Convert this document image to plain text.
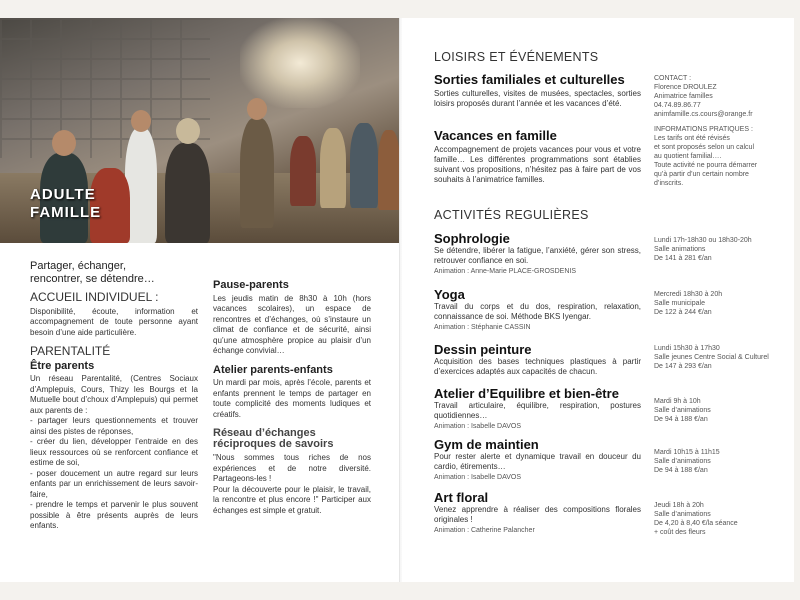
ADULTE
FAMILLE
Partager, échanger,
rencontrer, se détendre…
ACCUEIL INDIVIDUEL :
Disponibilité, écoute, information et accompagnement de toute personne ayant besoin d’une aide particulière.
PARENTALITÉ
Être parents
Un réseau Parentalité, (Centres Sociaux d’Amplepuis, Cours, Thizy les Bourgs et la Mutuelle bout d’choux d’Amplepuis) qui permet aux parents de :
- partager leurs questionnements et trouver ainsi des pistes de réponses,
- créer du lien, développer l’entraide en des lieux ressources où se renforcent confiance et estime de soi,
- poser doucement un autre regard sur leurs enfants par un enrichissement de leurs savoir-faire,
- prendre le temps et parvenir le plus souvent possible à être présents auprès de leurs enfants.
Pause-parents
Les jeudis matin de 8h30 à 10h (hors vacances scolaires), un espace de rencontres et d’échanges, où s’instaure un climat de confiance et de sécurité, ainsi qu’une atmosphère propice au plaisir d’un échange convivial…
Atelier parents-enfants
Un mardi par mois, après l’école, parents et enfants prennent le temps de partager en toute complicité des moments ludiques et créatifs.
Réseau d’échanges
réciproques de savoirs
"Nous sommes tous riches de nos expériences et de notre diversité. Partageons-les !
Pour la découverte pour le plaisir, le travail, la rencontre et plus encore !" Participer aux échanges est simple et gratuit.
LOISIRS ET ÉVÉNEMENTS
Sorties familiales et culturelles
Sorties culturelles, visites de musées, spectacles, sorties loisirs proposés durant l’année et les vacances d’été.
Vacances en famille
Accompagnement de projets vacances pour vous et votre famille… Les différentes programmations sont établies suivant vos propositions, n’hésitez pas à faire part de vos souhaits à l’animatrice familles.
CONTACT :
Florence DROULEZ
Animatrice familles
04.74.89.86.77
animfamille.cs.cours@orange.fr
INFORMATIONS PRATIQUES :
Les tarifs ont été révisés
et sont proposés selon un calcul
au quotient familial….
Toute activité ne pourra démarrer
qu’à partir d’un certain nombre
d’inscrits.
ACTIVITÉS REGULIÈRES
Sophrologie
Se détendre, libérer la fatigue, l’anxiété, gérer son stress, retrouver confiance en soi.
Animation : Anne-Marie PLACE-GROSDENIS
Lundi 17h-18h30 ou 18h30-20h
Salle animations
De 141 à 281 €/an
Yoga
Travail du corps et du dos, respiration, relaxation, connaissance de soi. Méthode BKS Iyengar.
Animation : Stéphanie CASSIN
Mercredi 18h30 à 20h
Salle municipale
De 122 à 244 €/an
Dessin peinture
Acquisition des bases techniques plastiques à partir d’exercices adaptés aux capacités de chacun.
Lundi 15h30 à 17h30
Salle jeunes Centre Social & Culturel
De 147 à 293 €/an
Atelier d’Equilibre et bien-être
Travail articulaire, équilibre, respiration, postures quotidiennes…
Animation : Isabelle DAVOS
Mardi 9h à 10h
Salle d’animations
De 94 à 188 €/an
Gym de maintien
Pour rester alerte et dynamique travail en douceur du cardio, étirements…
Animation : Isabelle DAVOS
Mardi 10h15 à 11h15
Salle d’animations
De 94 à 188 €/an
Art floral
Venez apprendre à réaliser des compositions florales originales !
Animation : Catherine Palancher
Jeudi 18h à 20h
Salle d’animations
De 4,20 à 8,40 €/la séance
+ coût des fleurs
